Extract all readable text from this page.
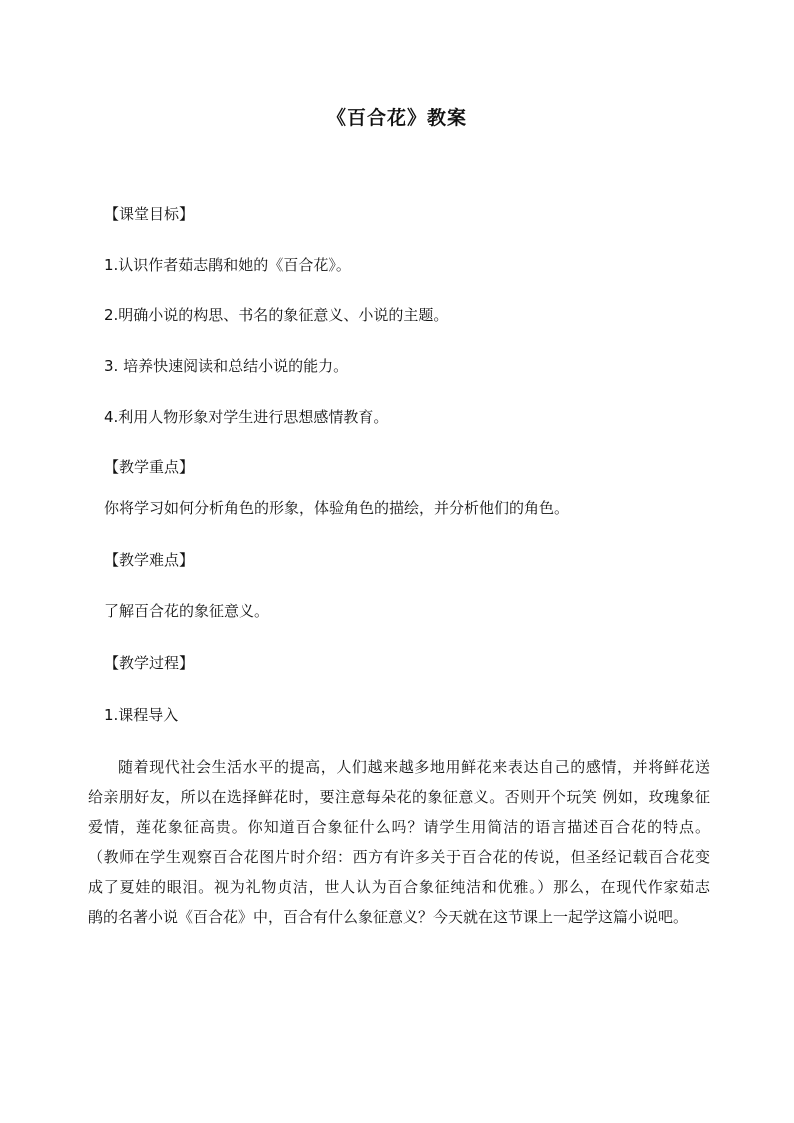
《百合花》教案
【课堂目标】
1.认识作者茹志鹃和她的《百合花》。
2.明确小说的构思、书名的象征意义、小说的主题。
3. 培养快速阅读和总结小说的能力。
4.利用人物形象对学生进行思想感情教育。
【教学重点】
你将学习如何分析角色的形象，体验角色的描绘，并分析他们的角色。
【教学难点】
了解百合花的象征意义。
【教学过程】
1.课程导入
随着现代社会生活水平的提高，人们越来越多地用鲜花来表达自己的感情，并将鲜花送
给亲朋好友，所以在选择鲜花时，要注意每朵花的象征意义。否则开个玩笑 例如，玫瑰象征
爱情，莲花象征高贵。你知道百合象征什么吗？请学生用简洁的语言描述百合花的特点。
（教师在学生观察百合花图片时介绍：西方有许多关于百合花的传说，但圣经记载百合花变
成了夏娃的眼泪。视为礼物贞洁，世人认为百合象征纯洁和优雅。）那么，在现代作家茹志
鹃的名著小说《百合花》中，百合有什么象征意义？今天就在这节课上一起学这篇小说吧。
